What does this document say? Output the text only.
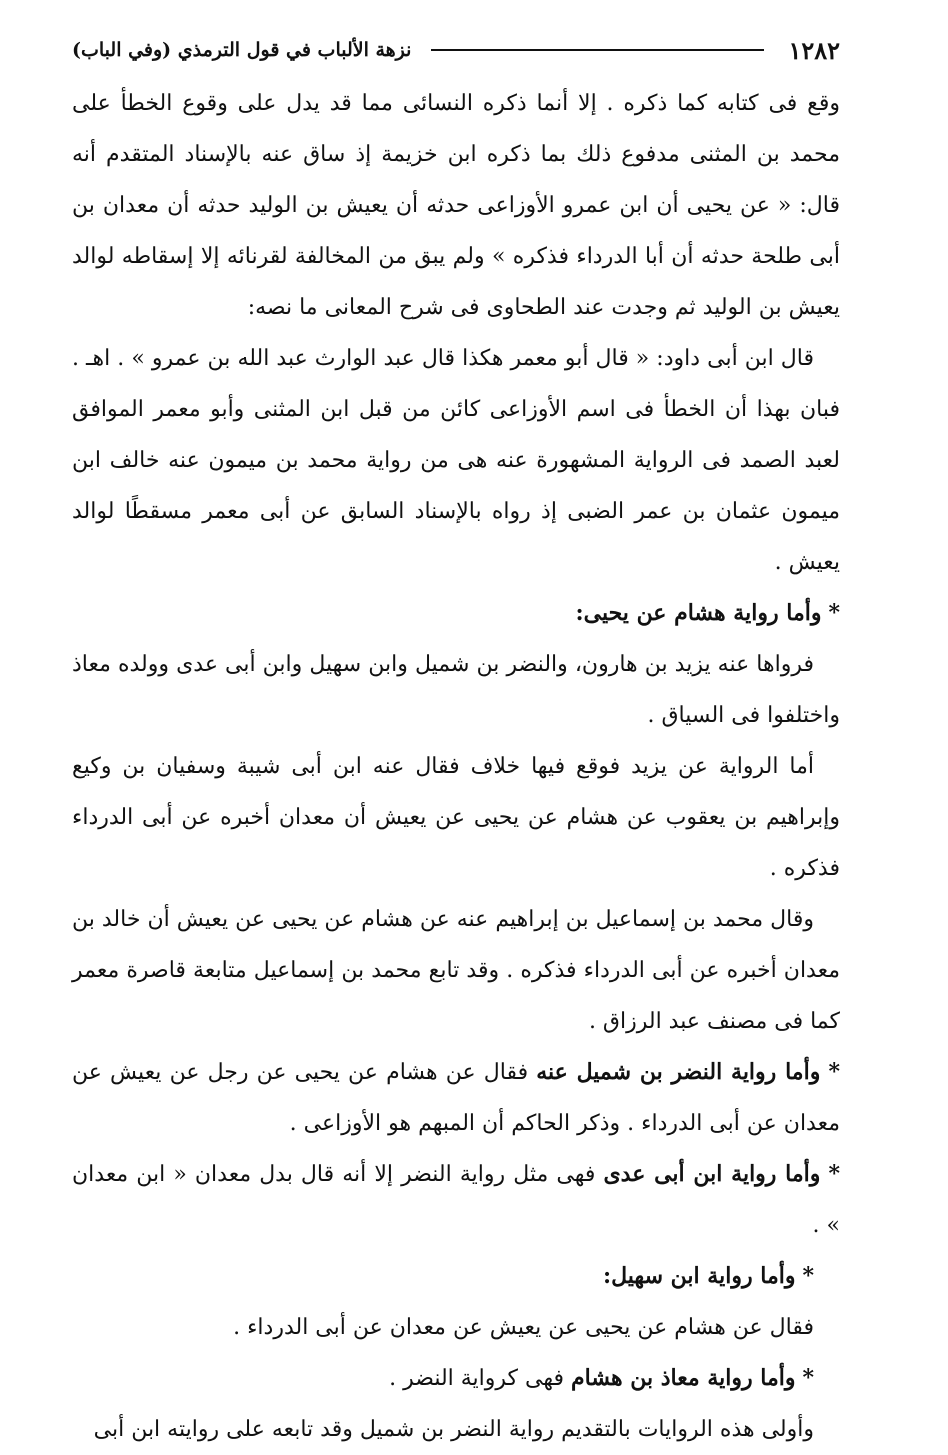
١٢٨٢
نزهة الألباب في قول الترمذي (وفي الباب)

وقع فى كتابه كما ذكره . إلا أنما ذكره النسائى مما قد يدل على وقوع الخطأ على محمد بن المثنى مدفوع ذلك بما ذكره ابن خزيمة إذ ساق عنه بالإسناد المتقدم أنه قال: « عن يحيى أن ابن عمرو الأوزاعى حدثه أن يعيش بن الوليد حدثه أن معدان بن أبى طلحة حدثه أن أبا الدرداء فذكره » ولم يبق من المخالفة لقرنائه إلا إسقاطه لوالد يعيش بن الوليد ثم وجدت عند الطحاوى فى شرح المعانى ما نصه:

قال ابن أبى داود: « قال أبو معمر هكذا قال عبد الوارث عبد الله بن عمرو » . اهـ . فبان بهذا أن الخطأ فى اسم الأوزاعى كائن من قبل ابن المثنى وأبو معمر الموافق لعبد الصمد فى الرواية المشهورة عنه هى من رواية محمد بن ميمون عنه خالف ابن ميمون عثمان بن عمر الضبى إذ رواه بالإسناد السابق عن أبى معمر مسقطًا لوالد يعيش .

* وأما رواية هشام عن يحيى:

فرواها عنه يزيد بن هارون، والنضر بن شميل وابن سهيل وابن أبى عدى وولده معاذ واختلفوا فى السياق .

أما الرواية عن يزيد فوقع فيها خلاف فقال عنه ابن أبى شيبة وسفيان بن وكيع وإبراهيم بن يعقوب عن هشام عن يحيى عن يعيش أن معدان أخبره عن أبى الدرداء فذكره .

وقال محمد بن إسماعيل بن إبراهيم عنه عن هشام عن يحيى عن يعيش أن خالد بن معدان أخبره عن أبى الدرداء فذكره . وقد تابع محمد بن إسماعيل متابعة قاصرة معمر كما فى مصنف عبد الرزاق .

* وأما رواية النضر بن شميل عنه فقال عن هشام عن يحيى عن رجل عن يعيش عن معدان عن أبى الدرداء . وذكر الحاكم أن المبهم هو الأوزاعى .

* وأما رواية ابن أبى عدى فهى مثل رواية النضر إلا أنه قال بدل معدان « ابن معدان » .

* وأما رواية ابن سهيل:

فقال عن هشام عن يحيى عن يعيش عن معدان عن أبى الدرداء .

* وأما رواية معاذ بن هشام فهى كرواية النضر .

وأولى هذه الروايات بالتقديم رواية النضر بن شميل وقد تابعه على روايته ابن أبى
